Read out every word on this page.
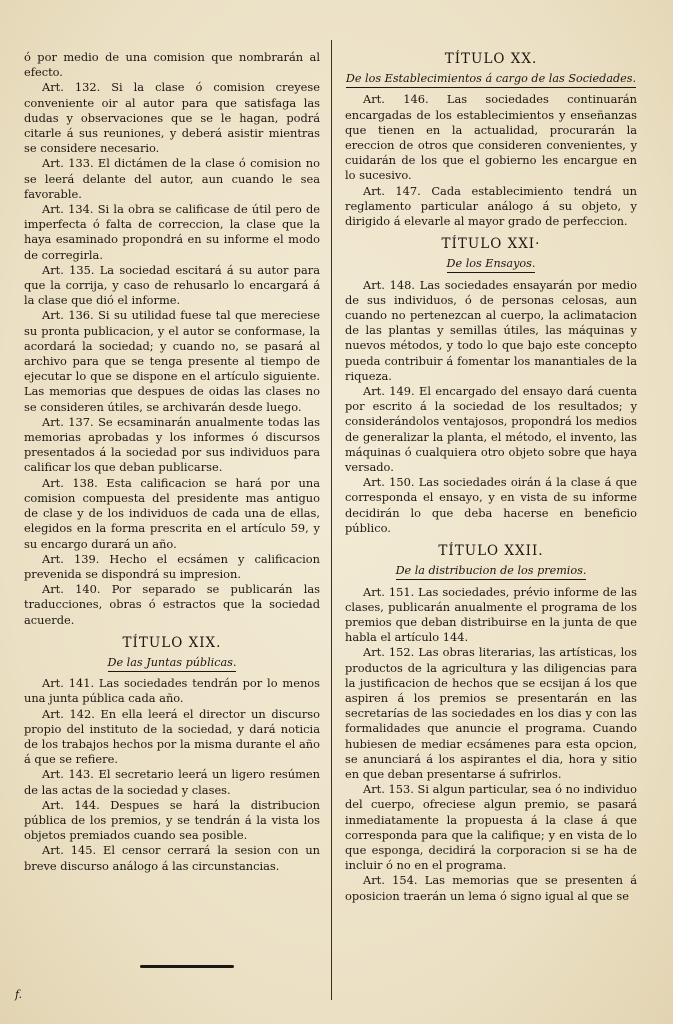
ó por medio de una comision que nombrarán al efecto.

Art. 132. Si la clase ó comision creyese conveniente oir al autor para que satisfaga las dudas y observaciones que se le hagan, podrá citarle á sus reuniones, y deberá asistir mientras se considere necesario.

Art. 133. El dictámen de la clase ó comision no se leerá delante del autor, aun cuando le sea favorable.

Art. 134. Si la obra se calificase de útil pero de imperfecta ó falta de correccion, la clase que la haya esaminado propondrá en su informe el modo de corregirla.

Art. 135. La sociedad escitará á su autor para que la corrija, y caso de rehusarlo lo encargará á la clase que dió el informe.

Art. 136. Si su utilidad fuese tal que mereciese su pronta publicacion, y el autor se conformase, la acordará la sociedad; y cuando no, se pasará al archivo para que se tenga presente al tiempo de ejecutar lo que se dispone en el artículo siguiente. Las memorias que despues de oidas las clases no se consideren útiles, se archivarán desde luego.

Art. 137. Se ecsaminarán anualmente todas las memorias aprobadas y los informes ó discursos presentados á la sociedad por sus individuos para calificar los que deban publicarse.

Art. 138. Esta calificacion se hará por una comision compuesta del presidente mas antiguo de clase y de los individuos de cada una de ellas, elegidos en la forma prescrita en el artículo 59, y su encargo durará un año.

Art. 139. Hecho el ecsámen y calificacion prevenida se dispondrá su impresion.

Art. 140. Por separado se publicarán las traducciones, obras ó estractos que la sociedad acuerde.

TÍTULO XIX.
De las Juntas públicas.

Art. 141. Las sociedades tendrán por lo menos una junta pública cada año.

Art. 142. En ella leerá el director un discurso propio del instituto de la sociedad, y dará noticia de los trabajos hechos por la misma durante el año á que se refiere.

Art. 143. El secretario leerá un ligero resúmen de las actas de la sociedad y clases.

Art. 144. Despues se hará la distribucion pública de los premios, y se tendrán á la vista los objetos premiados cuando sea posible.

Art. 145. El censor cerrará la sesion con un breve discurso análogo á las circunstancias.

TÍTULO XX.
De los Establecimientos á cargo de las Sociedades.

Art. 146. Las sociedades continuarán encargadas de los establecimientos y enseñanzas que tienen en la actualidad, procurarán la ereccion de otros que consideren convenientes, y cuidarán de los que el gobierno les encargue en lo sucesivo.

Art. 147. Cada establecimiento tendrá un reglamento particular análogo á su objeto, y dirigido á elevarle al mayor grado de perfeccion.

TÍTULO XXI·
De los Ensayos.

Art. 148. Las sociedades ensayarán por medio de sus individuos, ó de personas celosas, aun cuando no pertenezcan al cuerpo, la aclimatacion de las plantas y semillas útiles, las máquinas y nuevos métodos, y todo lo que bajo este concepto pueda contribuir á fomentar los manantiales de la riqueza.

Art. 149. El encargado del ensayo dará cuenta por escrito á la sociedad de los resultados; y considerándolos ventajosos, propondrá los medios de generalizar la planta, el método, el invento, las máquinas ó cualquiera otro objeto sobre que haya versado.

Art. 150. Las sociedades oirán á la clase á que corresponda el ensayo, y en vista de su informe decidirán lo que deba hacerse en beneficio público.

TÍTULO XXII.
De la distribucion de los premios.

Art. 151. Las sociedades, prévio informe de las clases, publicarán anualmente el programa de los premios que deban distribuirse en la junta de que habla el artículo 144.

Art. 152. Las obras literarias, las artísticas, los productos de la agricultura y las diligencias para la justificacion de hechos que se ecsijan á los que aspiren á los premios se presentarán en las secretarías de las sociedades en los dias y con las formalidades que anuncie el programa. Cuando hubiesen de mediar ecsámenes para esta opcion, se anunciará á los aspirantes el dia, hora y sitio en que deban presentarse á sufrirlos.

Art. 153. Si algun particular, sea ó no individuo del cuerpo, ofreciese algun premio, se pasará inmediatamente la propuesta á la clase á que corresponda para que la califique; y en vista de lo que esponga, decidirá la corporacion si se ha de incluir ó no en el programa.

Art. 154. Las memorias que se presenten á oposicion traerán un lema ó signo igual al que se

f.
